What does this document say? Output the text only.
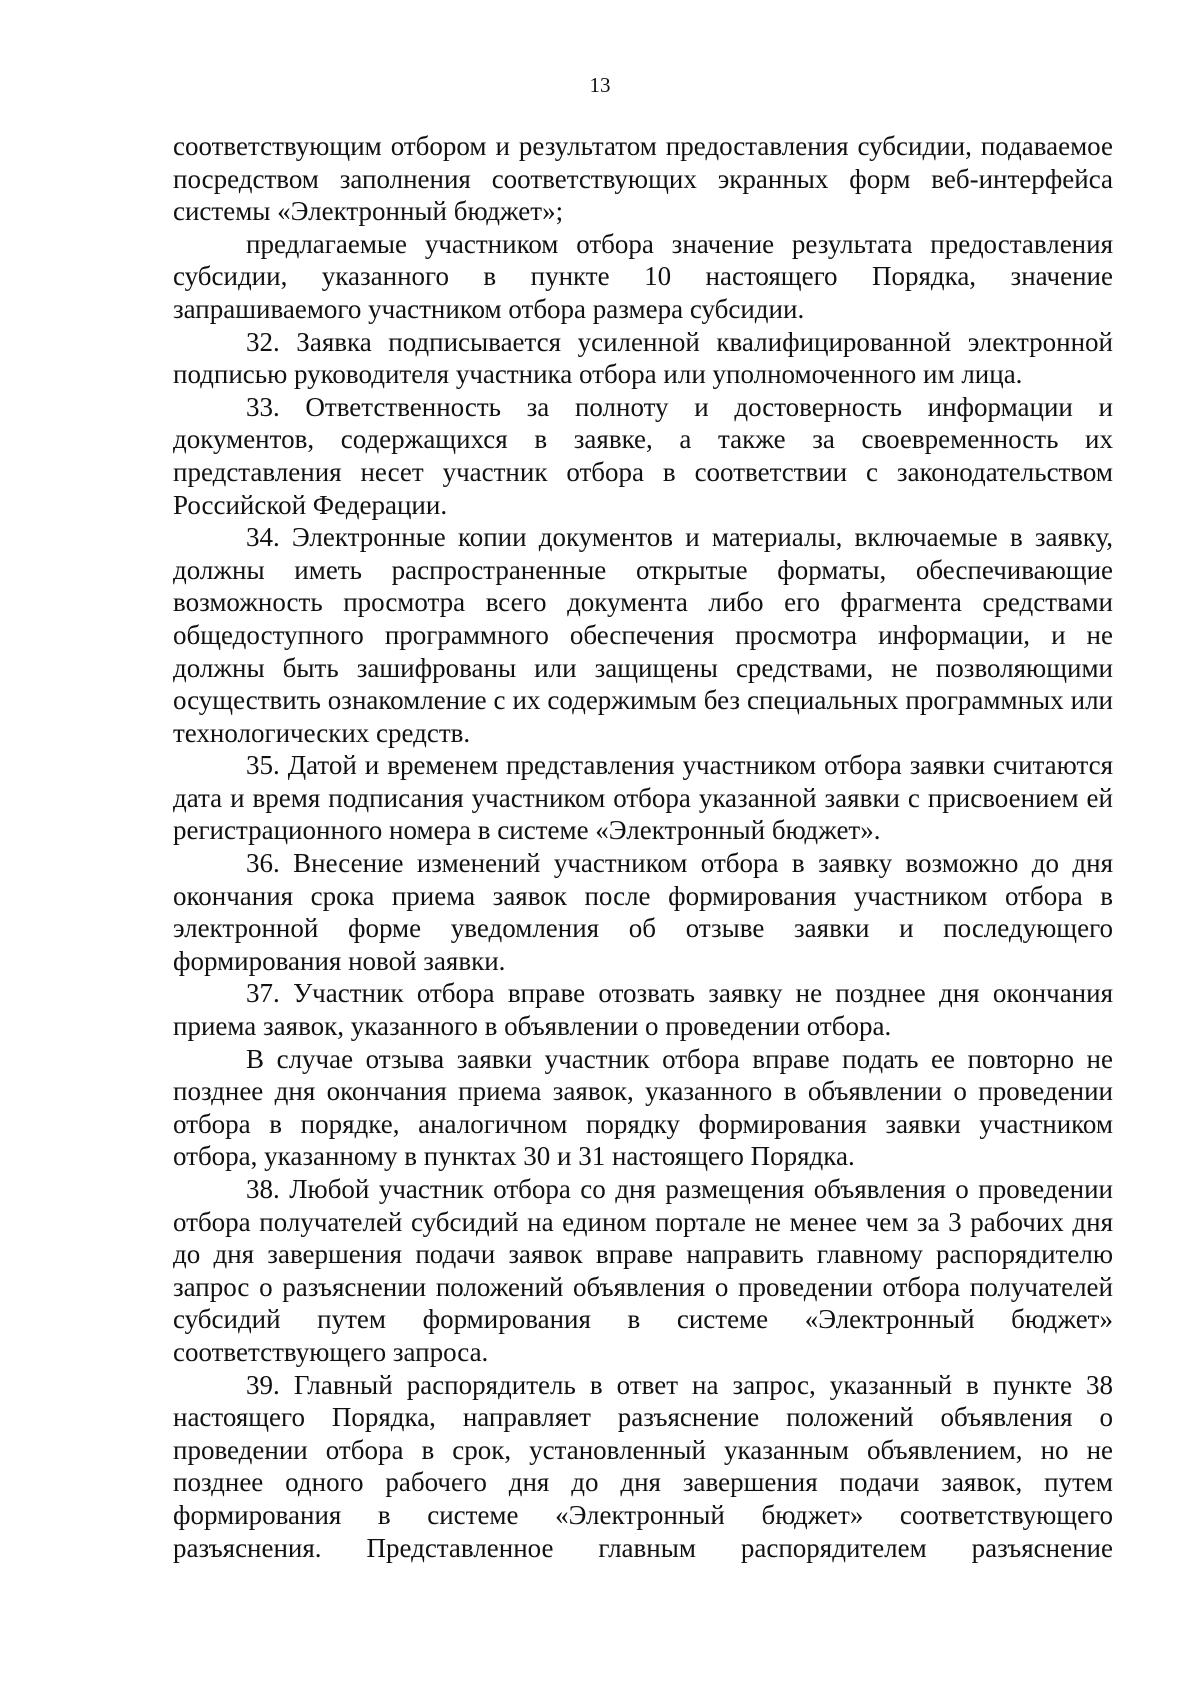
13

соответствующим отбором и результатом предоставления субсидии, подаваемое посредством заполнения соответствующих экранных форм веб-интерфейса системы «Электронный бюджет»;

предлагаемые участником отбора значение результата предоставления субсидии, указанного в пункте 10 настоящего Порядка, значение запрашиваемого участником отбора размера субсидии.

32. Заявка подписывается усиленной квалифицированной электронной подписью руководителя участника отбора или уполномоченного им лица.

33. Ответственность за полноту и достоверность информации и документов, содержащихся в заявке, а также за своевременность их представления несет участник отбора в соответствии с законодательством Российской Федерации.

34. Электронные копии документов и материалы, включаемые в заявку, должны иметь распространенные открытые форматы, обеспечивающие возможность просмотра всего документа либо его фрагмента средствами общедоступного программного обеспечения просмотра информации, и не должны быть зашифрованы или защищены средствами, не позволяющими осуществить ознакомление с их содержимым без специальных программных или технологических средств.

35. Датой и временем представления участником отбора заявки считаются дата и время подписания участником отбора указанной заявки с присвоением ей регистрационного номера в системе «Электронный бюджет».

36. Внесение изменений участником отбора в заявку возможно до дня окончания срока приема заявок после формирования участником отбора в электронной форме уведомления об отзыве заявки и последующего формирования новой заявки.

37. Участник отбора вправе отозвать заявку не позднее дня окончания приема заявок, указанного в объявлении о проведении отбора.

В случае отзыва заявки участник отбора вправе подать ее повторно не позднее дня окончания приема заявок, указанного в объявлении о проведении отбора в порядке, аналогичном порядку формирования заявки участником отбора, указанному в пунктах 30 и 31 настоящего Порядка.

38. Любой участник отбора со дня размещения объявления о проведении отбора получателей субсидий на едином портале не менее чем за 3 рабочих дня до дня завершения подачи заявок вправе направить главному распорядителю запрос о разъяснении положений объявления о проведении отбора получателей субсидий путем формирования в системе «Электронный бюджет» соответствующего запроса.

39. Главный распорядитель в ответ на запрос, указанный в пункте 38 настоящего Порядка, направляет разъяснение положений объявления о проведении отбора в срок, установленный указанным объявлением, но не позднее одного рабочего дня до дня завершения подачи заявок, путем формирования в системе «Электронный бюджет» соответствующего разъяснения. Представленное главным распорядителем разъяснение
